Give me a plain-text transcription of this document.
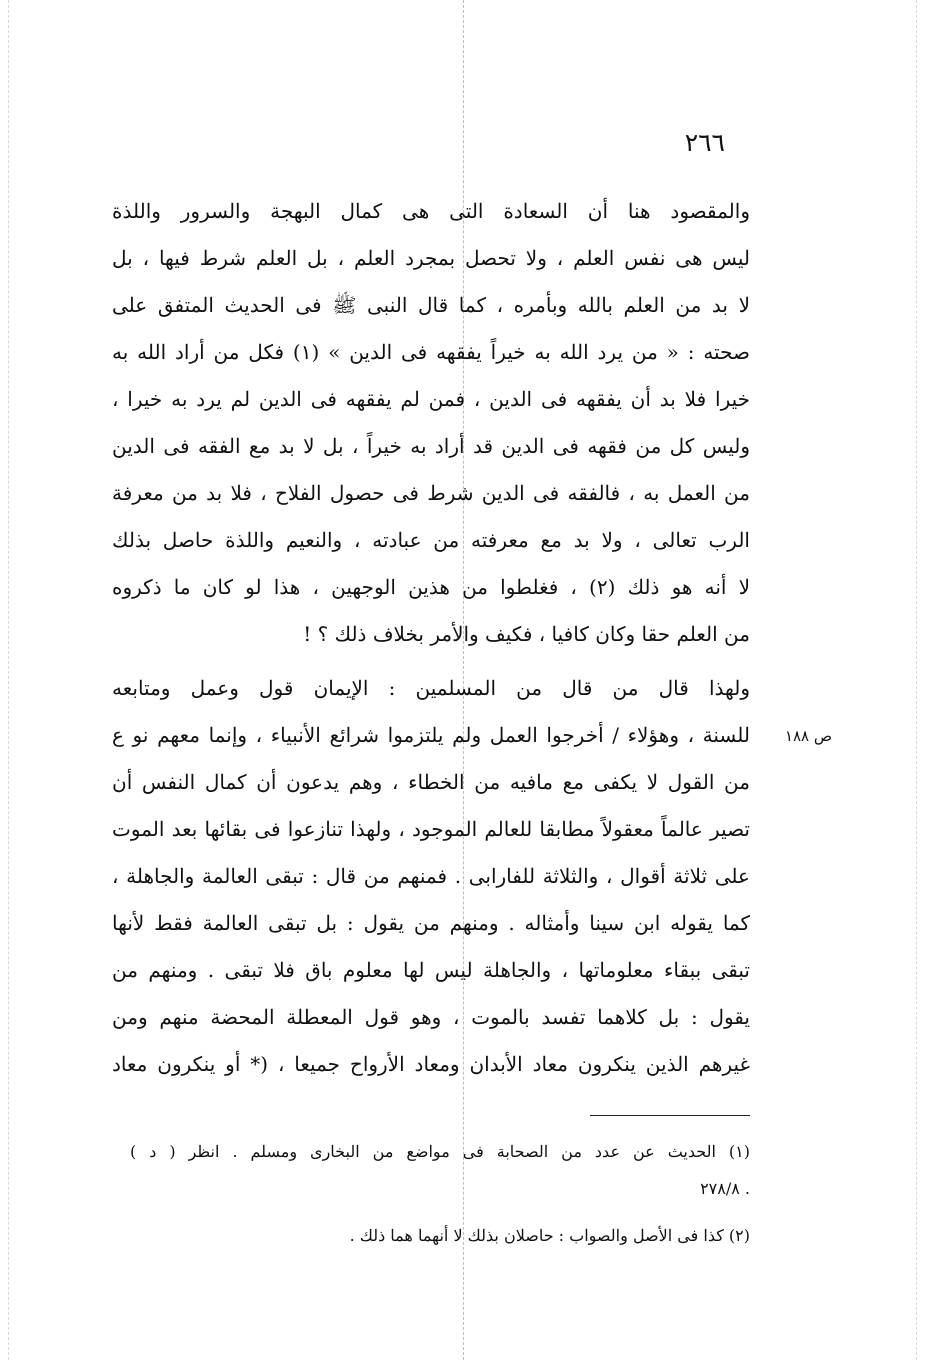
٢٦٦
والمقصود هنا أن السعادة التى هى كمال البهجة والسرور واللذة
ليس هى نفس العلم ، ولا تحصل بمجرد العلم ، بل العلم شرط فيها ، بل
لا بد من العلم بالله وبأمره ، كما قال النبى ﷺ فى الحديث المتفق على
صحته : « من يرد الله به خيراً يفقهه فى الدين » (١) فكل من أراد الله به
خيرا فلا بد أن يفقهه فى الدين ، فمن لم يفقهه فى الدين لم يرد به خيرا ،
وليس كل من فقهه فى الدين قد أراد به خيراً ، بل لا بد مع الفقه فى الدين
من العمل به ، فالفقه فى الدين شرط فى حصول الفلاح ، فلا بد من معرفة
الرب تعالى ، ولا بد مع معرفته من عبادته ، والنعيم واللذة حاصل بذلك
لا أنه هو ذلك (٢) ، فغلطوا من هذين الوجهين ، هذا لو كان ما ذكروه
من العلم حقا وكان كافيا ، فكيف والأمر بخلاف ذلك ؟ !
ص ١٨٨
ولهذا قال من قال من المسلمين : الإيمان قول وعمل ومتابعه
للسنة ، وهؤلاء / أخرجوا العمل ولم يلتزموا شرائع الأنبياء ، وإنما معهم نو ع
من القول لا يكفى مع مافيه من الخطاء ، وهم يدعون أن كمال النفس أن
تصير عالماً معقولاً مطابقا للعالم الموجود ، ولهذا تنازعوا فى بقائها بعد الموت
على ثلاثة أقوال ، والثلاثة للفارابى . فمنهم من قال : تبقى العالمة والجاهلة ،
كما يقوله ابن سينا وأمثاله . ومنهم من يقول : بل تبقى العالمة فقط لأنها
تبقى ببقاء معلوماتها ، والجاهلة ليس لها معلوم باق فلا تبقى . ومنهم من
يقول : بل كلاهما تفسد بالموت ، وهو قول المعطلة المحضة منهم ومن
غيرهم الذين ينكرون معاد الأبدان ومعاد الأرواح جميعا ، (* أو ينكرون معاد
(١) الحديث عن عدد من الصحابة فى مواضع من البخارى ومسلم . انظر ( د )
. ٢٧٨/٨
(٢) كذا فى الأصل والصواب : حاصلان بذلك لا أنهما هما ذلك .
